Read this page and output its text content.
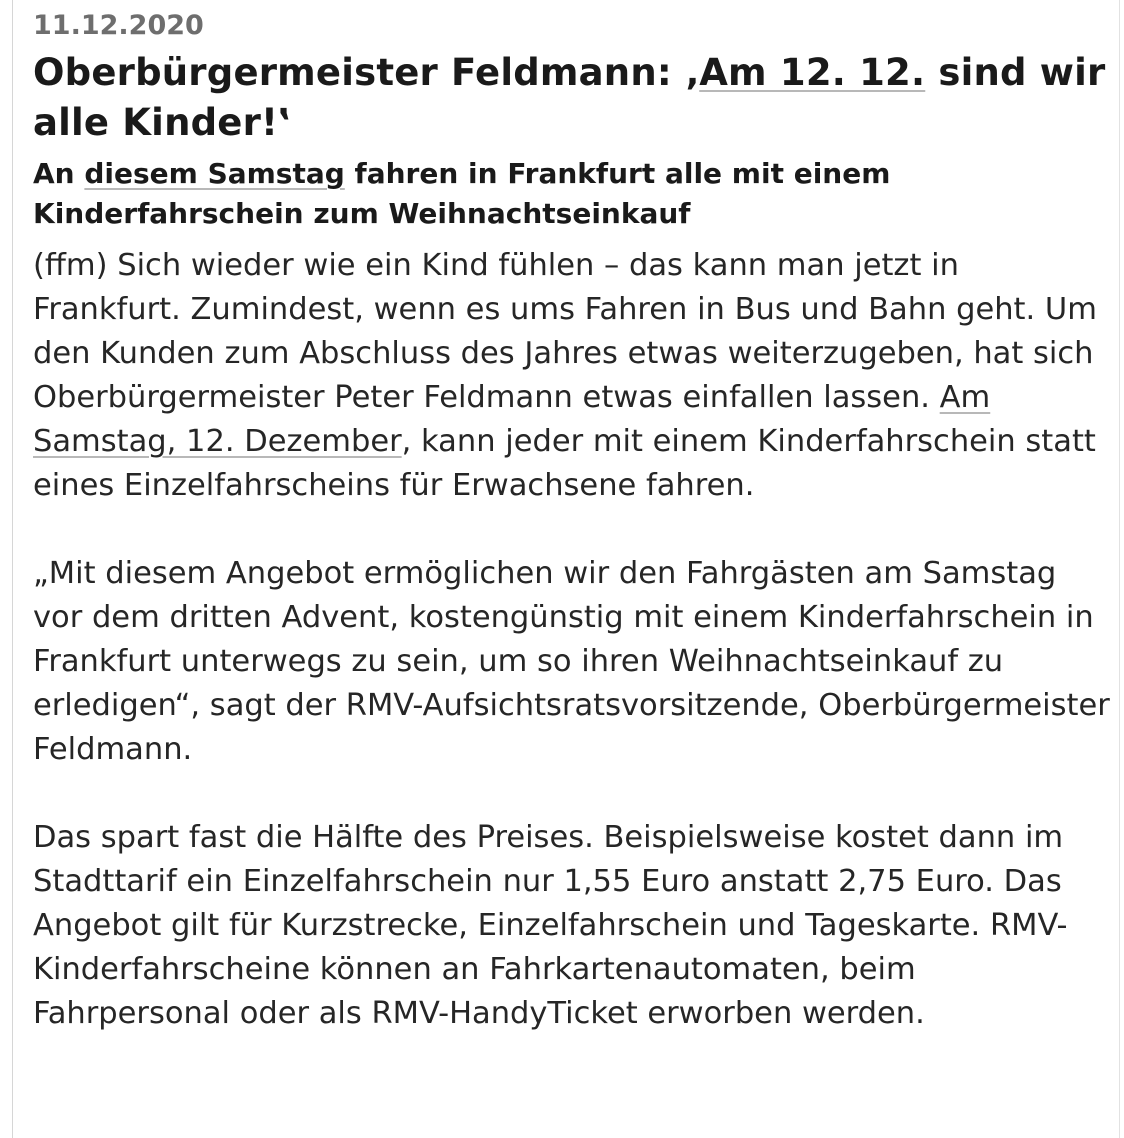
11.12.2020

Oberbürgermeister Feldmann: ‚Am 12. 12. sind wir alle Kinder!‛
An diesem Samstag fahren in Frankfurt alle mit einem Kinderfahrschein zum Weihnachtseinkauf

(ffm) Sich wieder wie ein Kind fühlen – das kann man jetzt in Frankfurt. Zumindest, wenn es ums Fahren in Bus und Bahn geht. Um den Kunden zum Abschluss des Jahres etwas weiterzugeben, hat sich Oberbürgermeister Peter Feldmann etwas einfallen lassen. Am Samstag, 12. Dezember, kann jeder mit einem Kinderfahrschein statt eines Einzelfahrscheins für Erwachsene fahren.

„Mit diesem Angebot ermöglichen wir den Fahrgästen am Samstag vor dem dritten Advent, kostengünstig mit einem Kinderfahrschein in Frankfurt unterwegs zu sein, um so ihren Weihnachtseinkauf zu erledigen“, sagt der RMV-Aufsichtsratsvorsitzende, Oberbürgermeister Feldmann.

Das spart fast die Hälfte des Preises. Beispielsweise kostet dann im Stadttarif ein Einzelfahrschein nur 1,55 Euro anstatt 2,75 Euro. Das Angebot gilt für Kurzstrecke, Einzelfahrschein und Tageskarte. RMV-Kinderfahrscheine können an Fahrkartenautomaten, beim Fahrpersonal oder als RMV-HandyTicket erworben werden.
